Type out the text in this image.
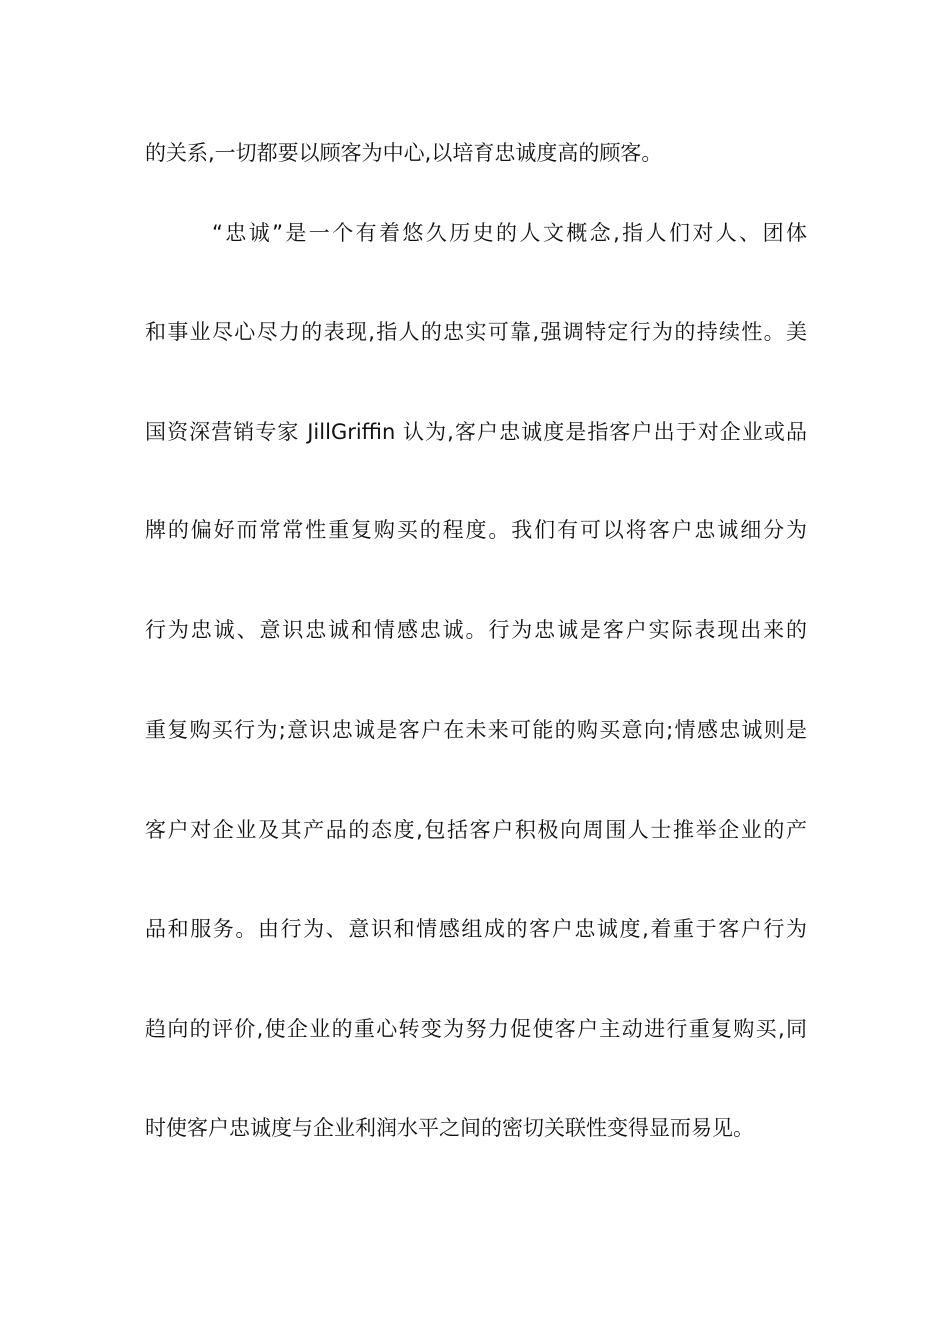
的关系,一切都要以顾客为中心,以培育忠诚度高的顾客。
“忠诚”是一个有着悠久历史的人文概念,指人们对人、团体
和事业尽心尽力的表现,指人的忠实可靠,强调特定行为的持续性。美
国资深营销专家 JillGriffin 认为,客户忠诚度是指客户出于对企业或品
牌的偏好而常常性重复购买的程度。我们有可以将客户忠诚细分为
行为忠诚、意识忠诚和情感忠诚。行为忠诚是客户实际表现出来的
重复购买行为;意识忠诚是客户在未来可能的购买意向;情感忠诚则是
客户对企业及其产品的态度,包括客户积极向周围人士推举企业的产
品和服务。由行为、意识和情感组成的客户忠诚度,着重于客户行为
趋向的评价,使企业的重心转变为努力促使客户主动进行重复购买,同
时使客户忠诚度与企业利润水平之间的密切关联性变得显而易见。
